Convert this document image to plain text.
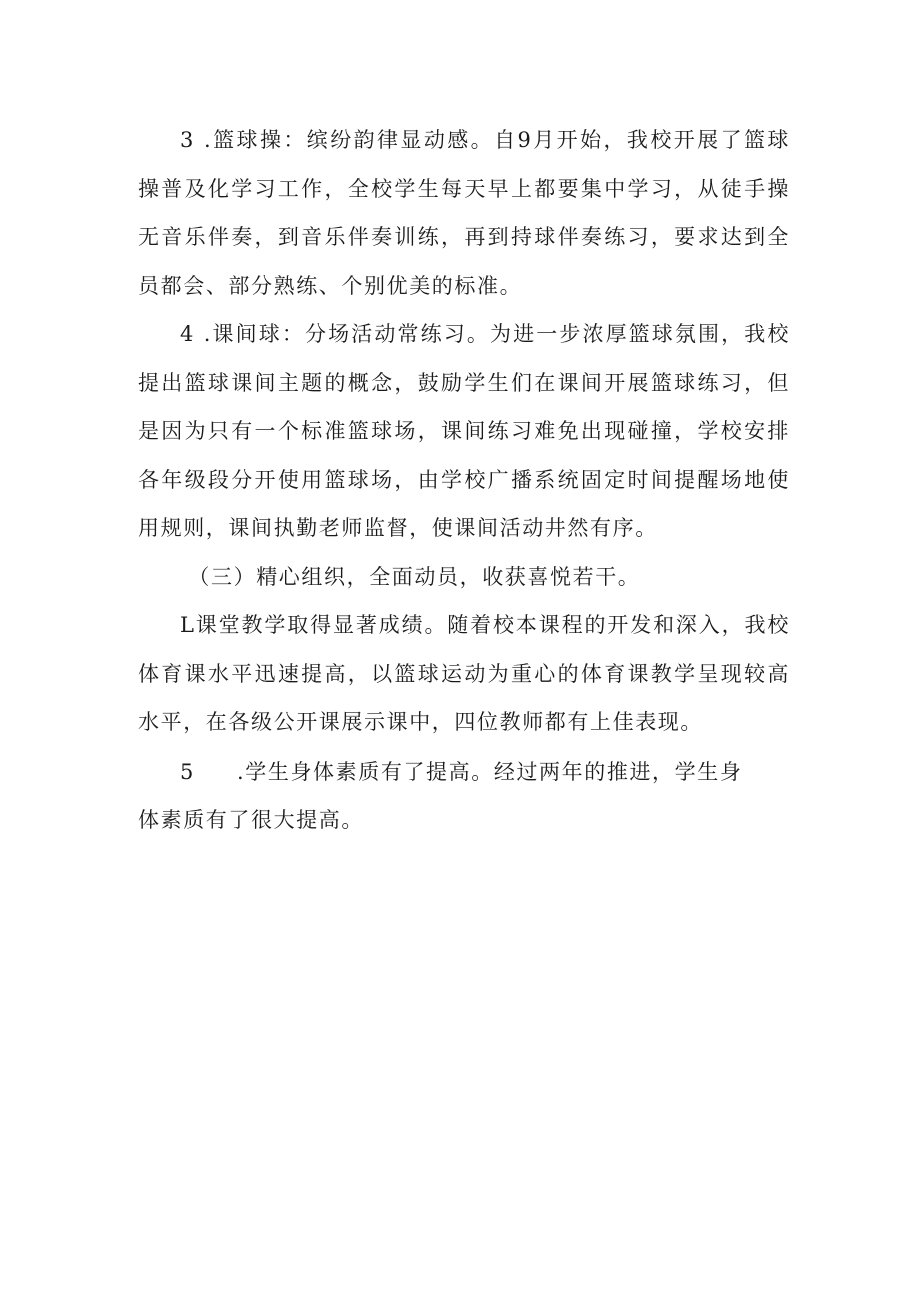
3 .篮球操：缤纷韵律显动感。自9月开始，我校开展了篮球操普及化学习工作，全校学生每天早上都要集中学习，从徒手操无音乐伴奏，到音乐伴奏训练，再到持球伴奏练习，要求达到全员都会、部分熟练、个别优美的标准。

4 .课间球：分场活动常练习。为进一步浓厚篮球氛围，我校提出篮球课间主题的概念，鼓励学生们在课间开展篮球练习，但是因为只有一个标准篮球场，课间练习难免出现碰撞，学校安排各年级段分开使用篮球场，由学校广播系统固定时间提醒场地使用规则，课间执勤老师监督，使课间活动井然有序。

（三）精心组织，全面动员，收获喜悦若干。

L课堂教学取得显著成绩。随着校本课程的开发和深入，我校体育课水平迅速提高，以篮球运动为重心的体育课教学呈现较高水平，在各级公开课展示课中，四位教师都有上佳表现。

5 .学生身体素质有了提高。经过两年的推进，学生身
体素质有了很大提高。
